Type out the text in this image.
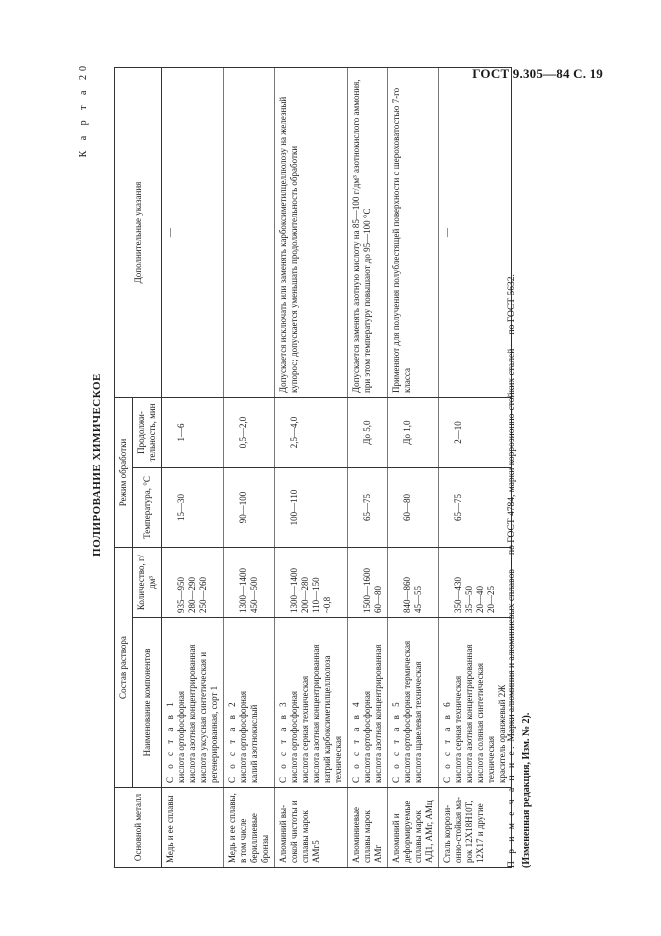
ГОСТ 9.305—84 С. 19
К а р т а 20
ПОЛИРОВАНИЕ ХИМИЧЕСКОЕ
Основной металл	Состав раствора		Режим обработки		Дополнительные указания
	Наименование компонентов	Количество, г/дм³	Температура, °С	Продолжительность, мин	
Медь и ее сплавы	С о с т а в 1 кислота ортофосфорная кислота азотная концентрированная кислота уксусная синтетическая и регенерированная, сорт 1	935—950 280—290 250—260	15—30	1—6	—
Медь и ее сплавы, в том числе бериллиевые бронзы	С о с т а в 2 кислота ортофосфорная калий азотнокислый	1300—1400 450—500	90—100	0,5—2,0	

Алюминий высокой чистоты и сплавы марок АМг5	С о с т а в 3 кислота ортофосфорная кислота серная техническая кислота азотная концентрированная натрий карбоксиметилцеллюлоза техническая	1300—1400 200—280 110—150 ~0,8	100—110	2,5—4,0	Допускается исключать или заменять карбоксиметилцеллюлозу на железный купорос; допускается уменьшать продолжительность обработки
Алюминиевые сплавы марок АМг	С о с т а в 4 кислота ортофосфорная кислота азотная концентрированная	1500—1600 60—80	65—75	До 5,0	Допускается заменять азотную кислоту на 85—100 г/дм³ азотнокислого аммония, при этом температуру повышают до 95—100 °С
Алюминий и деформируемые сплавы марок АД1, АМг, АМц	С о с т а в 5 кислота ортофосфорная термическая кислота щавелевая техническая	840—860 45—55	60—80	До 1,0	Применяют для получения полублестящей поверхности с шероховатостью 7-го класса
Сталь коррозионно-стойкая марок 12Х18Н10Т, 12Х17 и другие	С о с т а в 6 кислота серная техническая кислота азотная концентрированная кислота соляная синтетическая техническая краситель оранжевый 2Ж	350—430 35—50 20—40 20—25	65—75	2—10	—
П р и м е ч а н и е. Марки алюминия и алюминиевых сплавов — по ГОСТ 4784, марки коррозионно-стойких сталей — по ГОСТ 5632.
(Измененная редакция, Изм. № 2).
